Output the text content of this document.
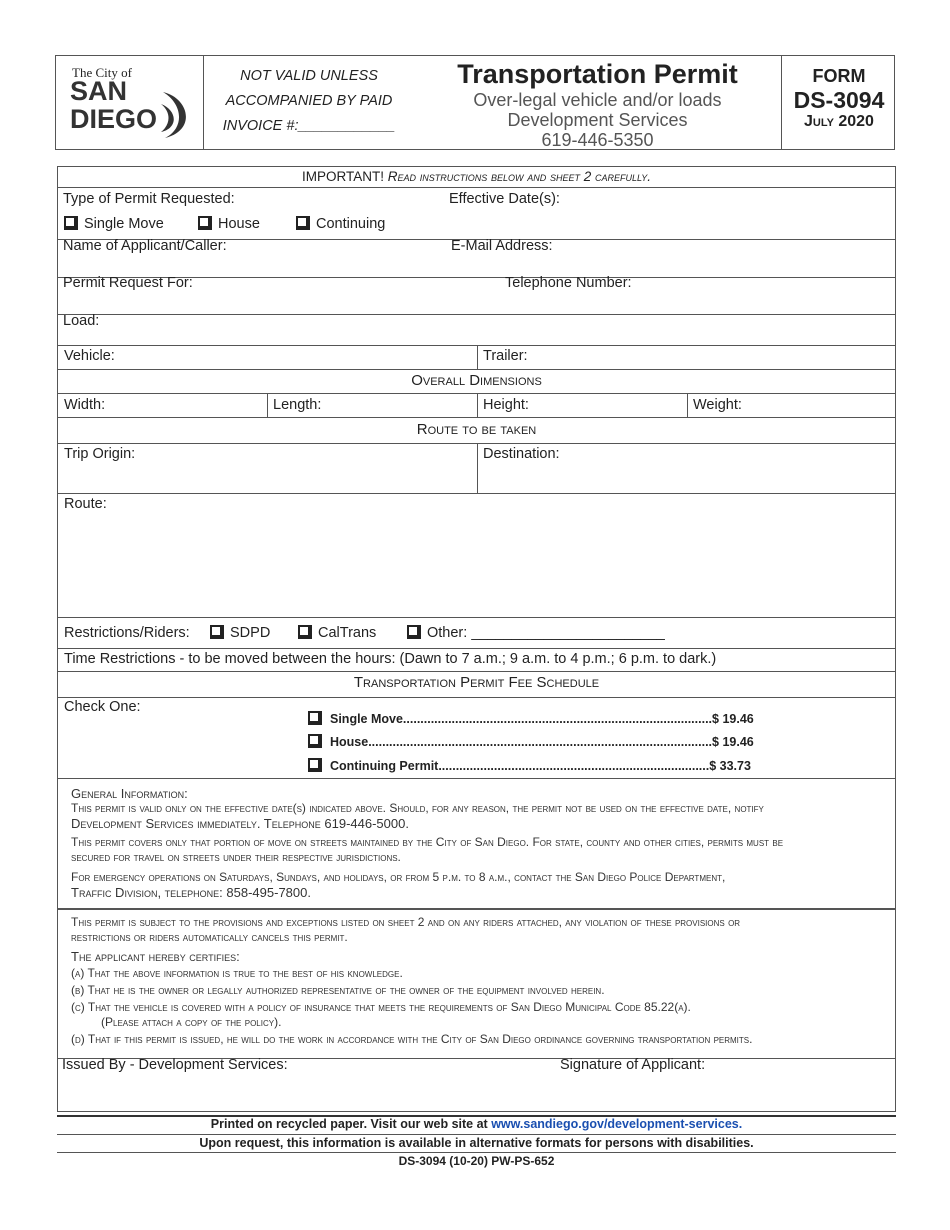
The City of
SAN
DIEGO
NOT VALID UNLESS
ACCOMPANIED BY PAID
INVOICE #:____________
Transportation Permit
Over-legal vehicle and/or loads
Development Services
619-446-5350
FORM
DS-3094
July 2020
IMPORTANT! Read instructions below and sheet 2 carefully.
Type of Permit Requested:	Effective Date(s):
Single Move	House	Continuing
Name of Applicant/Caller:	E-Mail Address:
Permit Request For:	Telephone Number:
Load:
Vehicle:	Trailer:
Overall Dimensions
Width:	Length:	Height:	Weight:
Route to be taken
Trip Origin:	Destination:
Route:
Restrictions/Riders:	SDPD	CalTrans	Other: ________________________
Time Restrictions - to be moved between the hours: (Dawn to 7 a.m.; 9 a.m. to 4 p.m.; 6 p.m. to dark.)
Transportation Permit Fee Schedule
Check One:
Single Move.........................................................................................$ 19.46
House...................................................................................................$ 19.46
Continuing Permit..............................................................................$ 33.73
General Information:
This permit is valid only on the effective date(s) indicated above. Should, for any reason, the permit not be used on the effective date, notify
Development Services immediately. Telephone 619-446-5000.
This permit covers only that portion of move on streets maintained by the City of San Diego. For state, county and other cities, permits must be
secured for travel on streets under their respective jurisdictions.
For emergency operations on Saturdays, Sundays, and holidays, or from 5 p.m. to 8 a.m., contact the San Diego Police Department,
Traffic Division, telephone: 858-495-7800.
This permit is subject to the provisions and exceptions listed on sheet 2 and on any riders attached, any violation of these provisions or
restrictions or riders automatically cancels this permit.
The applicant hereby certifies:
(a) That the above information is true to the best of his knowledge.
(b) That he is the owner or legally authorized representative of the owner of the equipment involved herein.
(c) That the vehicle is covered with a policy of insurance that meets the requirements of San Diego Municipal Code 85.22(a).
(Please attach a copy of the policy).
(d) That if this permit is issued, he will do the work in accordance with the City of San Diego ordinance governing transportation permits.
Issued By - Development Services:	Signature of Applicant:
Printed on recycled paper. Visit our web site at www.sandiego.gov/development-services.
Upon request, this information is available in alternative formats for persons with disabilities.
DS-3094 (10-20) PW-PS-652
